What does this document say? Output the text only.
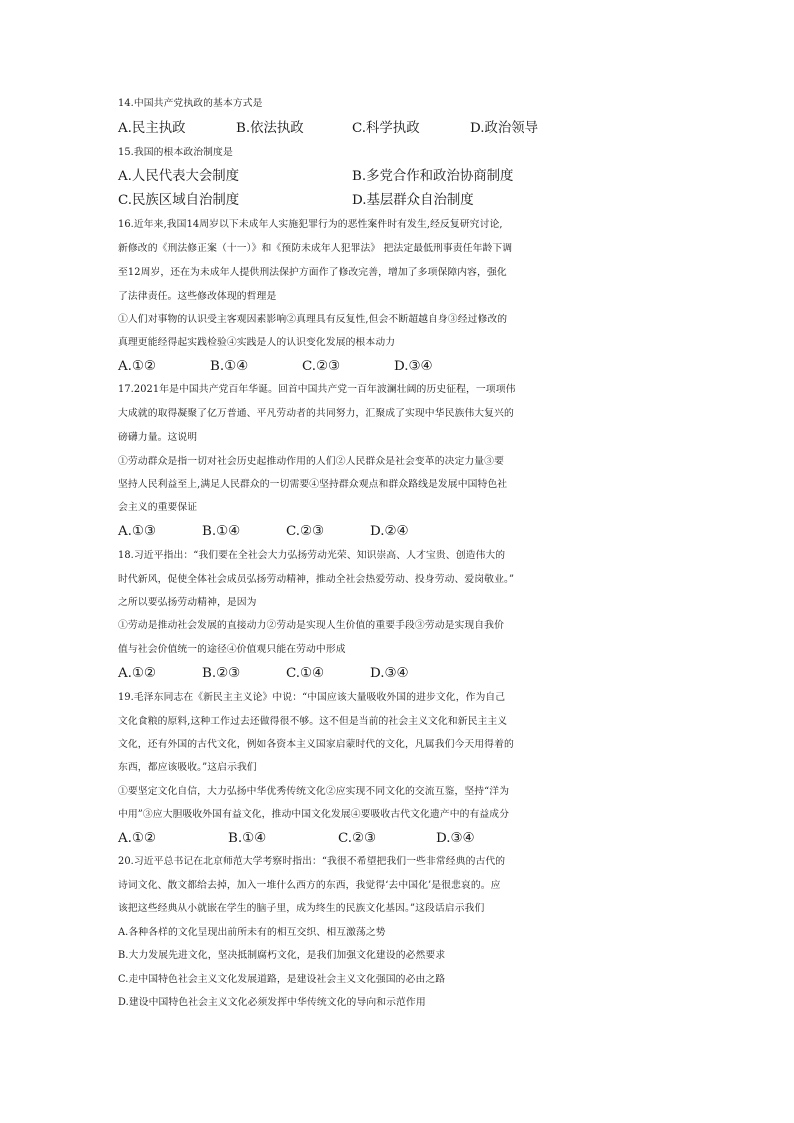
14.中国共产党执政的基本方式是
A.民主执政	B.依法执政	C.科学执政	D.政治领导
15.我国的根本政治制度是
A.人民代表大会制度	B.多党合作和政治协商制度
C.民族区域自治制度	D.基层群众自治制度
16.近年来,我国14周岁以下未成年人实施犯罪行为的恶性案件时有发生,经反复研究讨论,
新修改的《刑法修正案（十一）》和《预防未成年人犯罪法》 把法定最低刑事责任年龄下调
至12周岁，还在为未成年人提供刑法保护方面作了修改完善，增加了多项保障内容，强化
了法律责任。这些修改体现的哲理是
①人们对事物的认识受主客观因素影响②真理具有反复性,但会不断超越自身③经过修改的
真理更能经得起实践检验④实践是人的认识变化发展的根本动力
A.①②	B.①④	C.②③	D.③④
17.2021年是中国共产党百年华诞。回首中国共产党一百年波澜壮阔的历史征程，一项项伟
大成就的取得凝聚了亿万普通、平凡劳动者的共同努力，汇聚成了实现中华民族伟大复兴的
磅礴力量。这说明
①劳动群众是指一切对社会历史起推动作用的人们②人民群众是社会变革的决定力量③要
坚持人民利益至上,满足人民群众的一切需要④坚持群众观点和群众路线是发展中国特色社
会主义的重要保证
A.①③	B.①④	C.②③	D.②④
18.习近平指出：“我们要在全社会大力弘扬劳动光荣、知识崇高、人才宝贵、创造伟大的
时代新风，促使全体社会成员弘扬劳动精神，推动全社会热爱劳动、投身劳动、爱岗敬业。”
之所以要弘扬劳动精神，是因为
①劳动是推动社会发展的直接动力②劳动是实现人生价值的重要手段③劳动是实现自我价
值与社会价值统一的途径④价值观只能在劳动中形成
A.①②	B.②③	C.①④	D.③④
19.毛泽东同志在《新民主主义论》中说：“中国应该大量吸收外国的进步文化，作为自己
文化食粮的原料,这种工作过去还做得很不够。这不但是当前的社会主义文化和新民主主义
文化，还有外国的古代文化，例如各资本主义国家启蒙时代的文化，凡属我们今天用得着的
东西，都应该吸收。”这启示我们
①要坚定文化自信，大力弘扬中华优秀传统文化②应实现不同文化的交流互鉴，坚持“洋为
中用”③应大胆吸收外国有益文化，推动中国文化发展④要吸收古代文化遗产中的有益成分
A.①②	B.①④	C.②③	D.③④
20.习近平总书记在北京师范大学考察时指出：“我很不希望把我们一些非常经典的古代的
诗词文化、散文都给去掉，加入一堆什么西方的东西，我觉得‘去中国化’是很悲哀的。应
该把这些经典从小就嵌在学生的脑子里，成为终生的民族文化基因。”这段话启示我们
A.各种各样的文化呈现出前所未有的相互交织、相互激荡之势
B.大力发展先进文化，坚决抵制腐朽文化，是我们加强文化建设的必然要求
C.走中国特色社会主义文化发展道路，是建设社会主义文化强国的必由之路
D.建设中国特色社会主义文化必须发挥中华传统文化的导向和示范作用
